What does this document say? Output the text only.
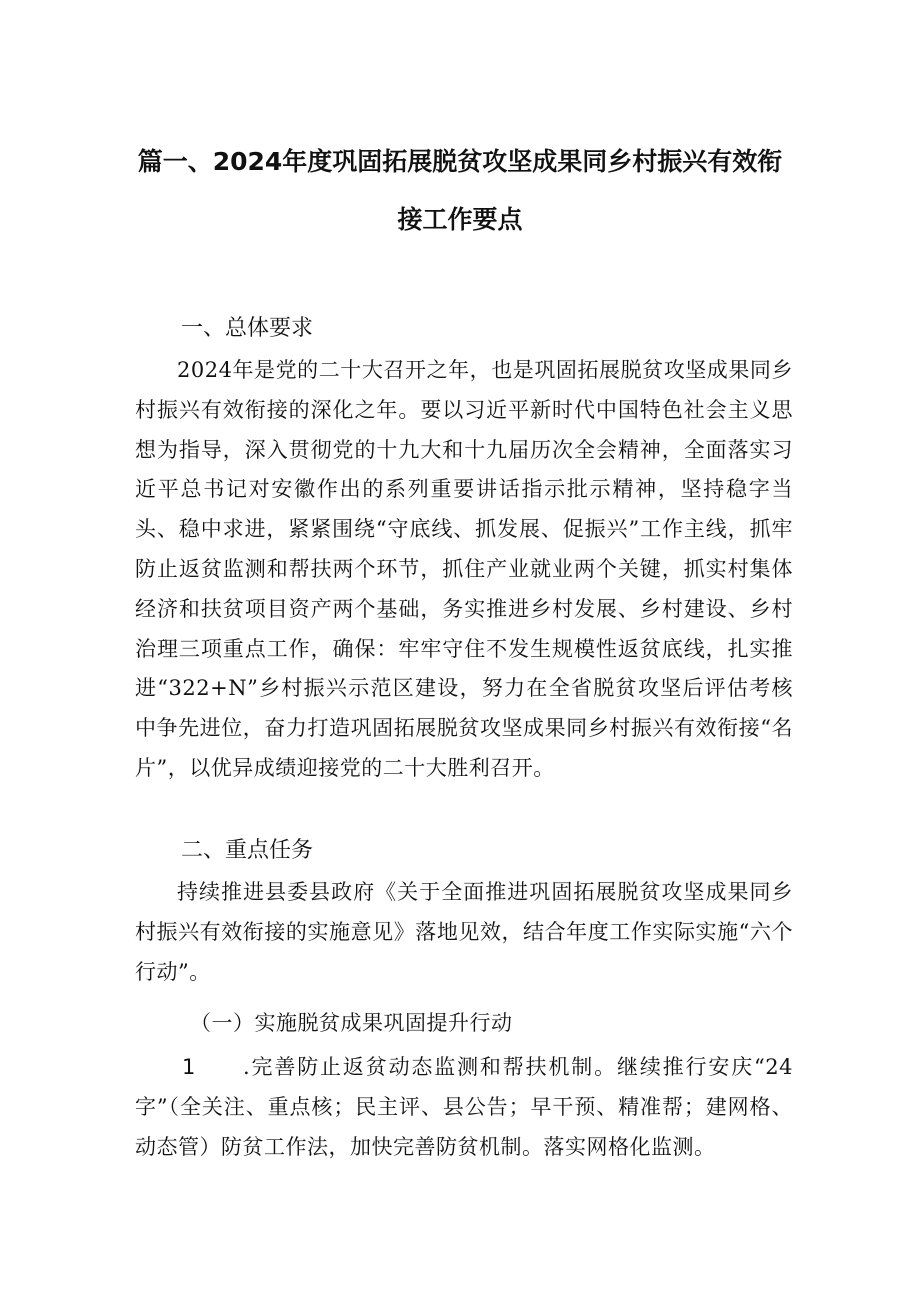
篇一、2024年度巩固拓展脱贫攻坚成果同乡村振兴有效衔
接工作要点
一、总体要求
2024年是党的二十大召开之年，也是巩固拓展脱贫攻坚成果同乡村振兴有效衔接的深化之年。要以习近平新时代中国特色社会主义思想为指导，深入贯彻党的十九大和十九届历次全会精神，全面落实习近平总书记对安徽作出的系列重要讲话指示批示精神，坚持稳字当头、稳中求进，紧紧围绕“守底线、抓发展、促振兴”工作主线，抓牢防止返贫监测和帮扶两个环节，抓住产业就业两个关键，抓实村集体经济和扶贫项目资产两个基础，务实推进乡村发展、乡村建设、乡村治理三项重点工作，确保：牢牢守住不发生规模性返贫底线，扎实推进“322+N”乡村振兴示范区建设，努力在全省脱贫攻坚后评估考核中争先进位，奋力打造巩固拓展脱贫攻坚成果同乡村振兴有效衔接“名片”，以优异成绩迎接党的二十大胜利召开。
二、重点任务
持续推进县委县政府《关于全面推进巩固拓展脱贫攻坚成果同乡村振兴有效衔接的实施意见》落地见效，结合年度工作实际实施“六个行动”。
（一）实施脱贫成果巩固提升行动
1	.完善防止返贫动态监测和帮扶机制。继续推行安庆“24字”（全关注、重点核；民主评、县公告；早干预、精准帮；建网格、动态管）防贫工作法，加快完善防贫机制。落实网格化监测。
